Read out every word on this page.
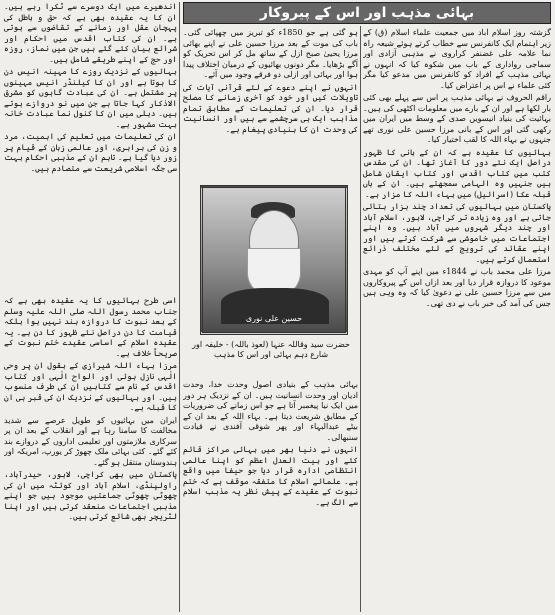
بہائی مذہب اور اس کے پیروکار

گزشتہ روز اسلام آباد میں جمعیت علماء اسلام (ق) کے زیر اہتمام ایک کانفرنس سے خطاب کرتے ہوئے شیعہ راہ نما علامہ علی غضنفر کراروی نے مذہبی آزادی اور سماجی رواداری کے باب میں شکوہ کیا کہ انہوں نے بہائی مذہب کے افراد کو کانفرنس میں مدعو کیا مگر کئی علماء نے اس پر اعتراض کیا۔

راقم الحروف نے بہائی مذہب پر اس سے پہلے بھی کئی بار لکھا ہے اور ان کے بارے میں معلومات اکٹھی کی ہیں۔ بہائیت کی بنیاد انیسویں صدی کے وسط میں ایران میں رکھی گئی اور اس کے بانی مرزا حسین علی نوری تھے جنہوں نے بہاء اللہ کا لقب اختیار کیا۔

بہائیوں کا عقیدہ ہے کہ ان کے بانی کا ظہور دراصل ایک نئے دور کا آغاز تھا۔ ان کی مقدس کتب میں کتاب اقدس اور کتاب ایقان شامل ہیں جنہیں وہ الہامی سمجھتے ہیں۔ ان کے ہاں قبلہ عکا (اسرائیل) میں بہاء اللہ کا مزار ہے۔

پاکستان میں بہائیوں کی تعداد چند ہزار بتائی جاتی ہے اور وہ زیادہ تر کراچی، لاہور، اسلام آباد اور چند دیگر شہروں میں آباد ہیں۔ وہ اپنے اجتماعات میں خاموشی سے شرکت کرتے ہیں اور اپنے عقائد کی ترویج کے لئے مختلف ذرائع استعمال کرتے ہیں۔

مرزا علی محمد باب نے 1844ء میں اپنے آپ کو مہدی موعود کا دروازہ قرار دیا اور بعد ازاں اس کے پیروکاروں میں سے مرزا حسین علی نے دعویٰ کیا کہ وہ وہی ہیں جس کی آمد کی خبر باب نے دی تھی۔

ہو گئی ہے جو 1850ء کو تبریز میں چھپائی گئی۔ باب کی موت کے بعد مرزا حسین علی نے اپنے بھائی مرزا یحییٰ صبح ازل کے ساتھ مل کر اس تحریک کو آگے بڑھایا۔ مگر دونوں بھائیوں کے درمیان اختلاف پیدا ہوا اور بہائی اور ازلی دو فرقے وجود میں آئے۔

انہوں نے اپنے دعوے کے لئے قرآنی آیات کی تاویلات کیں اور خود کو آخری زمانے کا مصلح قرار دیا۔ ان کی تعلیمات کے مطابق تمام مذاہب ایک ہی سرچشمے سے ہیں اور انسانیت کی وحدت ان کا بنیادی پیغام ہے۔

حسین علی نوری
حضرت سید وقاللہ عنہا (لعوذ باللہ) - خلیفہ اور شارع دہم بہائی اور اس کا مذہب

بہائی مذہب کے بنیادی اصول وحدت خدا، وحدت ادیان اور وحدت انسانیت ہیں۔ ان کے نزدیک ہر دور میں ایک نیا پیغمبر آتا ہے جو اس زمانے کی ضروریات کے مطابق شریعت دیتا ہے۔ بہاء اللہ کے بعد ان کے بیٹے عبدالبہاء اور پھر شوقی آفندی نے قیادت سنبھالی۔

انہوں نے دنیا بھر میں بہائی مراکز قائم کئے اور بیت العدل اعظم کو اپنا عالمی انتظامی ادارہ قرار دیا جو حیفا میں واقع ہے۔ علمائے اسلام کا متفقہ موقف ہے کہ ختم نبوت کے عقیدے کے پیش نظر یہ مذہب اسلام سے الگ ہے۔

اندھیرے میں ایک دوسرے سے ٹکرا رہے ہیں۔ ان کا یہ عقیدہ بھی ہے کہ حق و باطل کی پہچان عقل اور زمانے کے تقاضوں سے ہوتی ہے۔ ان کی کتاب اقدس میں احکام اور شرائع بیان کئے گئے ہیں جن میں نماز، روزہ اور حج کے اپنے طریقے شامل ہیں۔

بہائیوں کے نزدیک روزے کا مہینہ انیس دن کا ہوتا ہے اور ان کا کیلنڈر انیس مہینوں پر مشتمل ہے۔ ان کی عبادت گاہوں کو مشرق الاذکار کہا جاتا ہے جن میں نو دروازے ہوتے ہیں۔ دہلی میں ان کا کنول نما عبادت خانہ بہت مشہور ہے۔

ان کی تعلیمات میں تعلیم کی اہمیت، مرد و زن کی برابری، اور عالمی زبان کے قیام پر زور دیا گیا ہے۔ تاہم ان کے مذہبی احکام بہت سی جگہ اسلامی شریعت سے متصادم ہیں۔

اسی طرح بہائیوں کا یہ عقیدہ بھی ہے کہ جناب محمد رسول اللہ صلی اللہ علیہ وسلم کے بعد نبوت کا دروازہ بند نہیں ہوا بلکہ قیامت کا دن دراصل نئے ظہور کا دن ہے۔ یہ عقیدہ اسلام کے اساسی عقیدے ختم نبوت کے صریحاً خلاف ہے۔

مرزا بہاء اللہ شیرازی کے بقول ان پر وحی الٰہی نازل ہوئی اور الواح الٰہی اور کتاب اقدس کے نام سے کتابیں ان کی طرف منسوب ہیں۔ اور بہائیوں کے نزدیک ان کی قبر ہی ان کا قبلہ ہے۔

ایران میں بہائیوں کو طویل عرصے سے شدید مخالفت کا سامنا رہا ہے اور انقلاب کے بعد ان پر سرکاری ملازمتوں اور تعلیمی اداروں کے دروازے بند کئے گئے۔ کئی بہائی ملک چھوڑ کر یورپ، امریکہ اور ہندوستان منتقل ہو گئے۔

پاکستان میں بھی کراچی، لاہور، حیدرآباد، راولپنڈی، اسلام آباد اور کوئٹہ میں ان کی چھوٹی چھوٹی جماعتیں موجود ہیں جو اپنے مذہبی اجتماعات منعقد کرتی ہیں اور اپنا لٹریچر بھی شائع کرتی ہیں۔
